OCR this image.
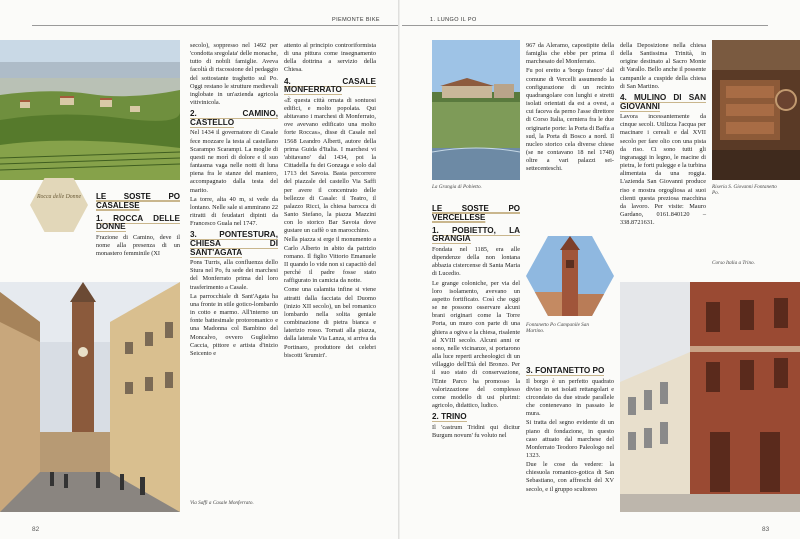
PIEMONTE BIKE
Rocca delle Donne	LE SOSTE PO CASALESE
1. ROCCA DELLE DONNE

Frazione di Camino, deve il nome alla presenza di un monastero femminile (XI

Via Saffi a Casale Monferrato.

secolo), soppresso nel 1492 per 'condotta sregolata' delle monache, tutto di nobili famiglie. Aveva facoltà di riscossione del pedaggio del sottostante traghetto sul Po. Oggi restano le strutture medievali inglobate in un'azienda agricola vitivinicola.

2. CAMINO, CASTELLO

Nel 1434 il governatore di Casale fece mozzare la testa al castellano Scarampo Scarampi. La moglie di questi ne morì di dolore e il suo fantasma vaga nelle notti di luna piena fra le stanze del maniero, accompagnato dalla testa del marito.

La torre, alta 40 m, si vede da lontano. Nelle sale si ammirano 22 ritratti di feudatari dipinti da Francesco Guala nel 1747.

3. PONTESTURA, CHIESA DI SANT'AGATA

Pons Turris, alla confluenza dello Stura nel Po, fu sede dei marchesi del Monferrato prima del loro trasferimento a Casale.

La parrocchiale di Sant'Agata ha una fronte in stile gotico-lombardo in cotto e marmo. All'interno un fonte battesimale protoromanico e una Madonna col Bambino del Moncalvo, ovvero Guglielmo Caccia, pittore e artista d'inizio Seicento e

attento al principio controriformista di una pittura come insegnamento della dottrina a servizio della Chiesa.

4. CASALE MONFERRATO

«È questa città ornata di sontuosi edifici, e molto popolata. Qui abitavano i marchesi di Monferrato, ove avevano edificato una molto forte Roccas», disse di Casale nel 1568 Leandro Alberti, autore della prima Guida d'Italia. I marchesi vi 'abitavano' dal 1434, poi la Cittadella fu dei Gonzaga e solo dal 1713 dei Savoia. Basta percorrere del piazzale del castello Via Saffi per avere il concentrato delle bellezze di Casale: il Teatro, il palazzo Ricci, la chiesa barocca di Santo Stefano, la piazza Mazzini con lo storico Bar Savoia dove gustare un caffè o un marocchino.

Nella piazza si erge il monumento a Carlo Alberto in abito da patrizio romano. Il figlio Vittorio Emanuele II quando lo vide non si capacitò del perché il padre fosse stato raffigurato in camicia da notte.

Come una calamita infine si viene attratti dalla facciata del Duomo (inizio XII secolo), un bel romanico lombardo nella solita geniale combinazione di pietra bianca e laterizio rosso. Tornati alla piazza, dalla laterale Via Lanza, si arriva da Portinaro, produttore dei celebri biscotti 'krumiri'.

82
1. LUNGO IL PO
La Grangia di Pobietto.
LE SOSTE PO VERCELLESE
1. POBIETTO, LA GRANGIA

Fondata nel 1185, era alle dipendenze della non lontana abbazia cistercense di Santa Maria di Lucedio.

Le grange coloniche, per via del loro isolamento, avevano un aspetto fortificato. Così che oggi se ne possono osservare alcuni brani originari come la Torre Porta, un muro con parte di una ghiera a ogiva e la chiesa, risalente al XVIII secolo. Alcuni anni or sono, nelle vicinanze, si portarono alla luce reperti archeologici di un villaggio dell'Età del Bronzo. Per il suo stato di conservazione, l'Ente Parco ha promosso la valorizzazione del complesso come modello di usi plurimi: agricolo, didattico, ludico.

2. TRINO

Il 'castrum Tridini qui dicitur Burgum novum' fu voluto nel

967 da Aleramo, capostipite della famiglia che ebbe per prima il marchesato del Monferrato.

Fu poi eretto a 'borgo franco' dal comune di Vercelli assumendo la configurazione di un recinto quadrangolare con lunghi e stretti isolati orientati da est a ovest, a cui faceva da perno l'asse direttore di Corso Italia, cerniera fra le due originarie porte: la Porta di Baffa a sud, la Porta di Bosco a nord. Il nucleo storico cela diverse chiese (se ne contavano 18 nel 1748) oltre a vari palazzi sei-settecenteschi.

Fontanetto Po Campanile San Martino.
3. FONTANETTO PO

Il borgo è un perfetto quadrato diviso in sei isolati rettangolari e circondato da due strade parallele che contenevano in passato le mura.

Si tratta del segno evidente di un piano di fondazione, in questo caso attuato dal marchese del Monferrato Teodoro Paleologo nel 1323.

Due le cose da vedere: la chiesuola romanico-gotica di San Sebastiano, con affreschi del XV secolo, e il gruppo scultoreo

della Deposizione nella chiesa della Santissima Trinità, in origine destinato al Sacro Monte di Varallo. Bello anche il possente campanile a cuspide della chiesa di San Martino.

4. MULINO DI SAN GIOVANNI

Lavora incessantemente da cinque secoli. Utilizza l'acqua per macinare i cereali e dal XVII secolo per fare olio con una pista da riso. Ci sono tutti gli ingranaggi in legno, le macine di pietra, le forti pulegge e la turbina alimentata da una roggia. L'azienda San Giovanni produce riso e mostra orgogliosa ai suoi clienti questa preziosa macchina da lavoro. Per visite: Mauro Gardano, 0161.840120 – 338.8721631.

Riseria S. Giovanni Fontanetto Po.
Corso Italia a Trino.
83
